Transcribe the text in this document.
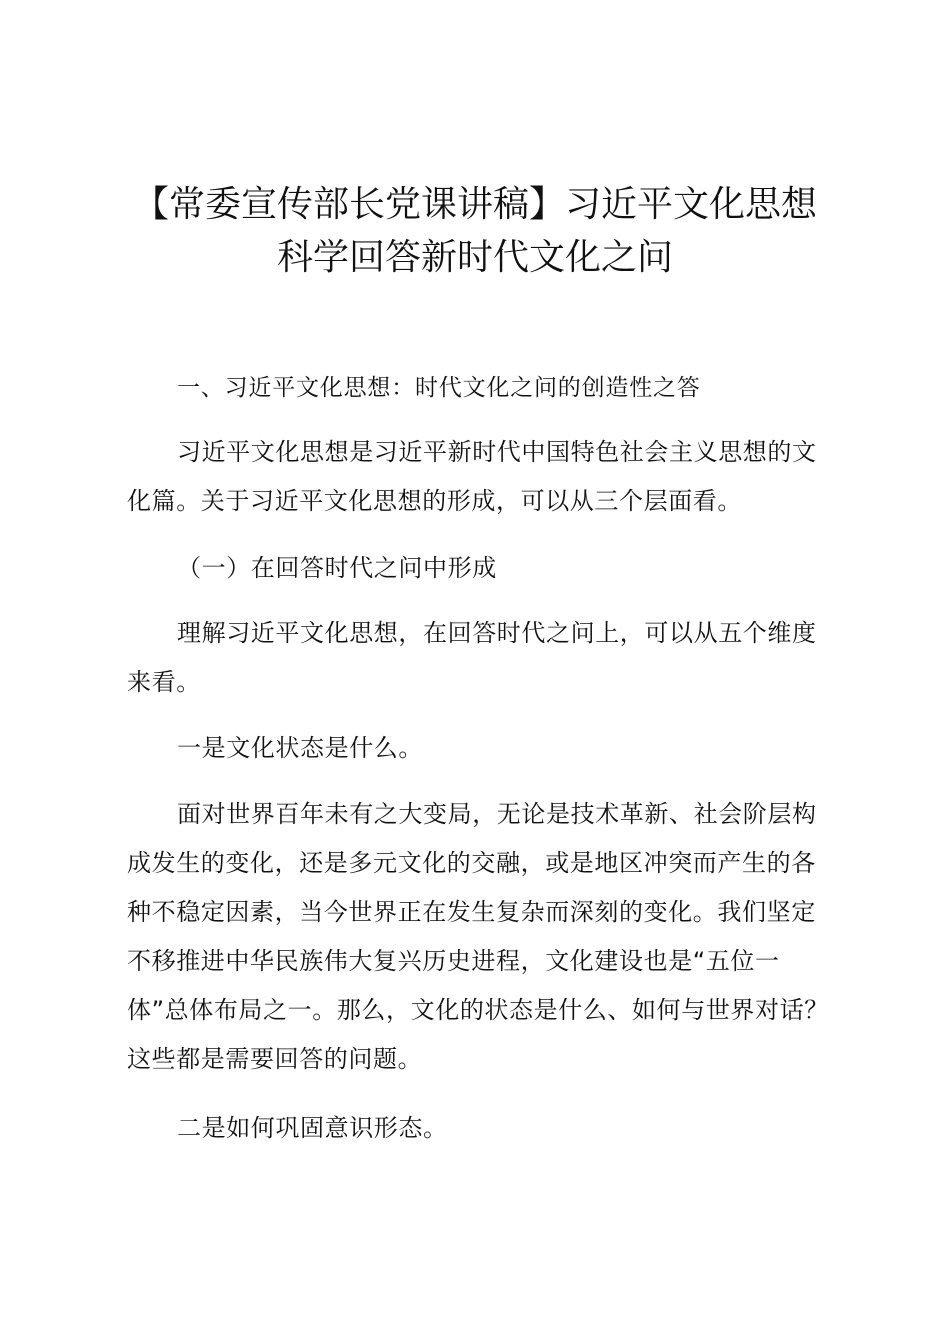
【常委宣传部长党课讲稿】习近平文化思想
科学回答新时代文化之问

一、习近平文化思想：时代文化之问的创造性之答

习近平文化思想是习近平新时代中国特色社会主义思想的文化篇。关于习近平文化思想的形成，可以从三个层面看。

（一）在回答时代之问中形成

理解习近平文化思想，在回答时代之问上，可以从五个维度来看。

一是文化状态是什么。

面对世界百年未有之大变局，无论是技术革新、社会阶层构成发生的变化，还是多元文化的交融，或是地区冲突而产生的各种不稳定因素，当今世界正在发生复杂而深刻的变化。我们坚定不移推进中华民族伟大复兴历史进程，文化建设也是“五位一体”总体布局之一。那么，文化的状态是什么、如何与世界对话？这些都是需要回答的问题。

二是如何巩固意识形态。
